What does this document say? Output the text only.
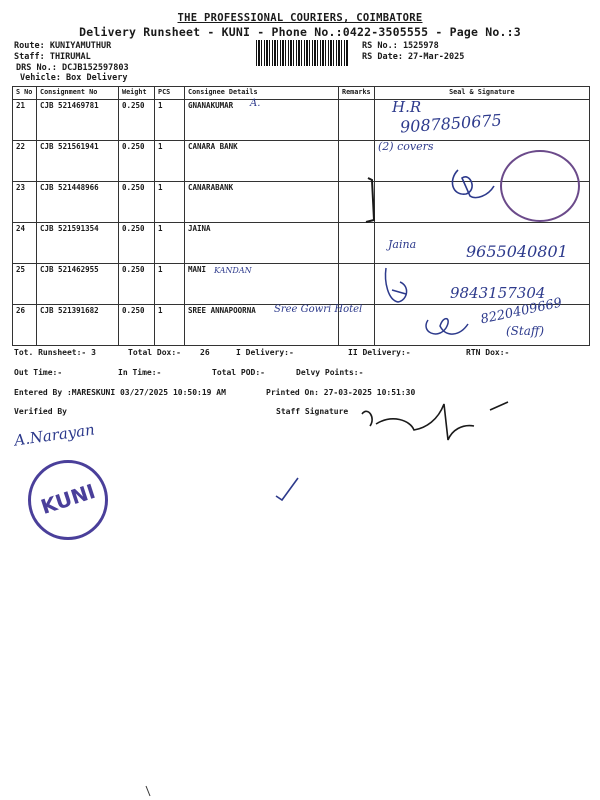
THE PROFESSIONAL COURIERS, COIMBATORE
Delivery Runsheet - KUNI - Phone No.:0422-3505555 - Page No.:3
Route: KUNIYAMUTHUR
Staff: THIRUMAL
DRS No.: DCJB152597803
Vehicle: Box Delivery
RS No.: 1525978
RS Date: 27-Mar-2025
S No	Consignment No	Weight	PCS	Consignee Details	Remarks	Seal & Signature
21	CJB 521469781	0.250	1	GNANAKUMAR		
22	CJB 521561941	0.250	1	CANARA BANK		
23	CJB 521448966	0.250	1	CANARABANK		
24	CJB 521591354	0.250	1	JAINA		
25	CJB 521462955	0.250	1	MANI		
26	CJB 521391682	0.250	1	SREE ANNAPOORNA		
Tot. Runsheet:- 3	Total Dox:- 26	I Delivery:-	II Delivery:-	RTN Dox:-
Out Time:-	In Time:-	Total POD:-	Delvy Points:-
Entered By :MARESKUNI 03/27/2025 10:50:19 AM	Printed On: 27-03-2025 10:51:30
Verified By	Staff Signature
A.	H.R
9087850675
(2) covers
Jaina	9655040801
KANDAN
9843157304
Sree Gowri Hotel	8220409669
(Staff)
A.Narayan
KUNI
